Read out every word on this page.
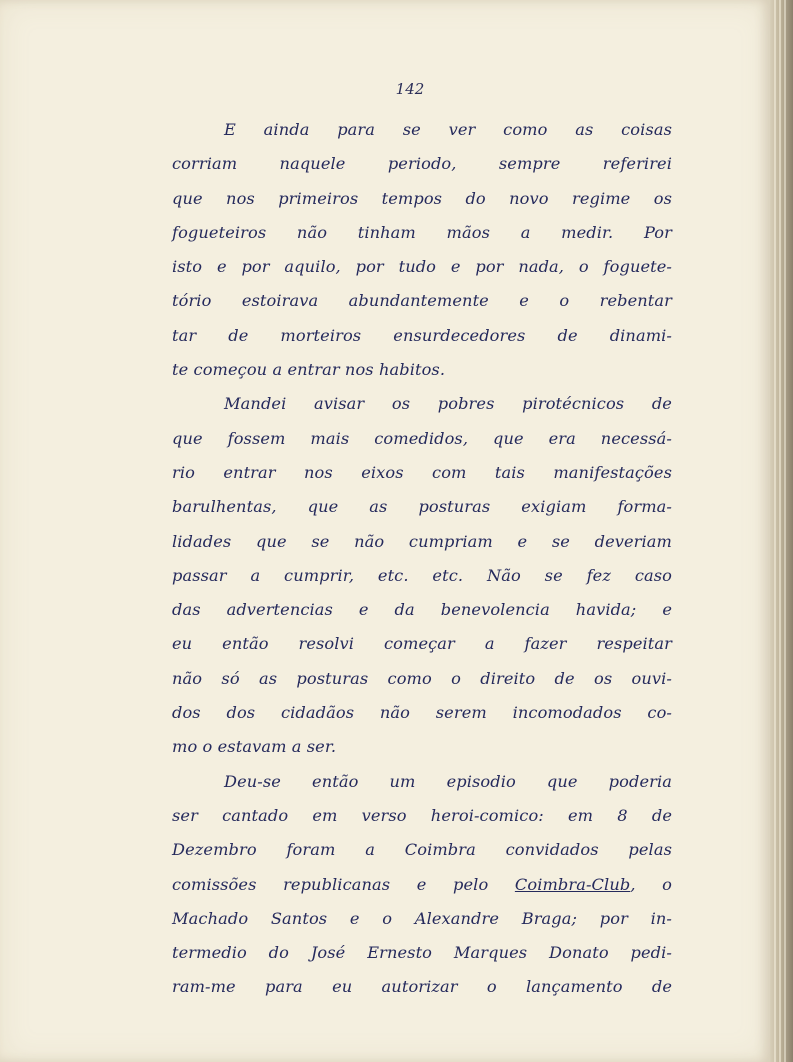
142
E ainda para se ver como as coisas
corriam naquele periodo, sempre referirei
que nos primeiros tempos do novo regime os
fogueteiros não tinham mãos a medir. Por
isto e por aquilo, por tudo e por nada, o foguete-
tório estoirava abundantemente e o rebentar
tar de morteiros ensurdecedores de dinami-
te começou a entrar nos habitos.
Mandei avisar os pobres pirotécnicos de
que fossem mais comedidos, que era necessá-
rio entrar nos eixos com tais manifestações
barulhentas, que as posturas exigiam forma-
lidades que se não cumpriam e se deveriam
passar a cumprir, etc. etc. Não se fez caso
das advertencias e da benevolencia havida; e
eu então resolvi começar a fazer respeitar
não só as posturas como o direito de os ouvi-
dos dos cidadãos não serem incomodados co-
mo o estavam a ser.
Deu-se então um episodio que poderia
ser cantado em verso heroi-comico: em 8 de
Dezembro foram a Coimbra convidados pelas
comissões republicanas e pelo Coimbra-Club, o
Machado Santos e o Alexandre Braga; por in-
termedio do José Ernesto Marques Donato pedi-
ram-me para eu autorizar o lançamento de
